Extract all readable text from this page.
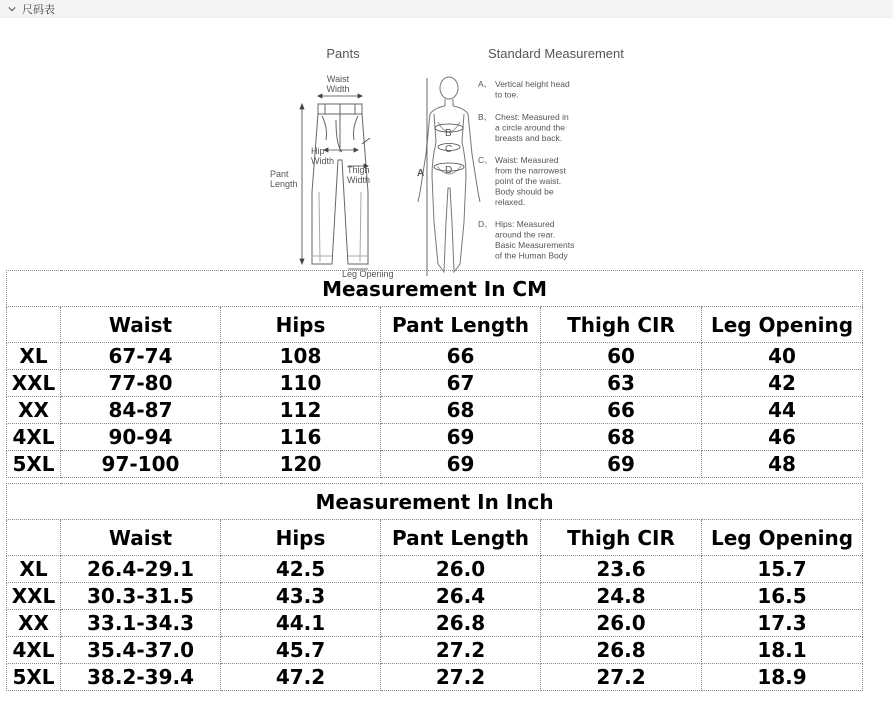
尺码表
Pants
Waist
Width
Hip
Width
Thigh
Width
Pant
Length
Leg Opening
A
B
C
D
Standard Measurement
A、 Vertical height head
to toe.
B、 Chest: Measured in
a circle around the
breasts and back.
C、 Waist: Measured
from the narrowest
point of the waist.
Body should be
relaxed.
D、 Hips: Measured
around the rear.
Basic Measurements
of the Human Body
Measurement In CM					
	Waist	Hips	Pant Length	Thigh CIR	Leg Opening
XL	67-74	108	66	60	40
XXL	77-80	110	67	63	42
XX	84-87	112	68	66	44
4XL	90-94	116	69	68	46
5XL	97-100	120	69	69	48
Measurement In Inch					
	Waist	Hips	Pant Length	Thigh CIR	Leg Opening
XL	26.4-29.1	42.5	26.0	23.6	15.7
XXL	30.3-31.5	43.3	26.4	24.8	16.5
XX	33.1-34.3	44.1	26.8	26.0	17.3
4XL	35.4-37.0	45.7	27.2	26.8	18.1
5XL	38.2-39.4	47.2	27.2	27.2	18.9
